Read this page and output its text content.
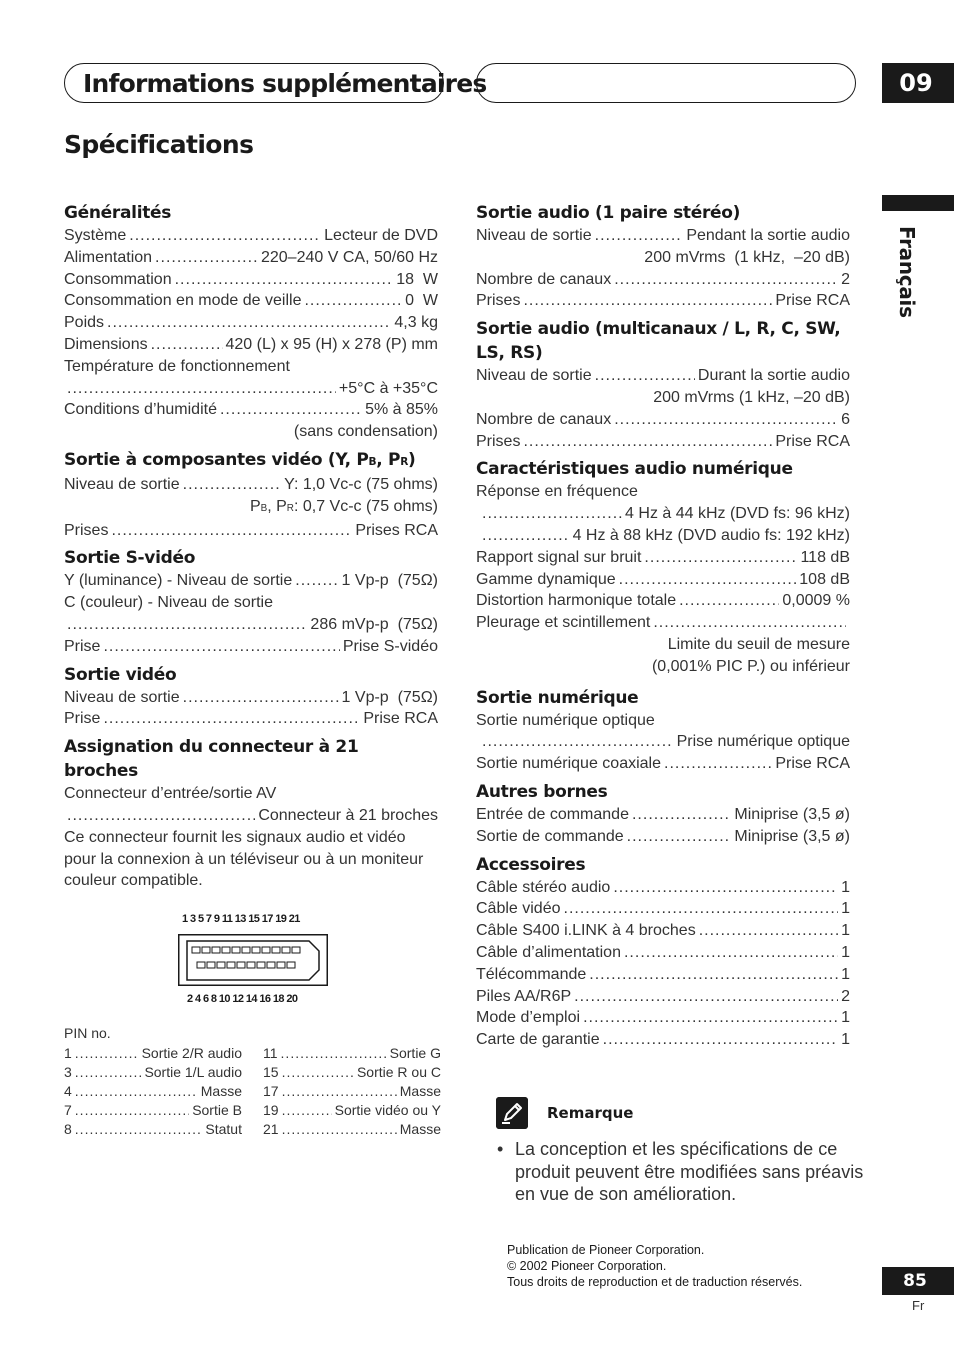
Informations supplémentaires	09
Spécifications
Français
Généralités
Système .....	Lecteur de DVD
Alimentation .....	220–240 V CA, 50/60 Hz
Consommation .....	18  W
Consommation en mode de veille .....	0  W
Poids .....	4,3 kg
Dimensions .....	420 (L) x 95 (H) x 278 (P) mm
Température de fonctionnement
.....
+5°C à +35°C
Conditions d’humidité .....	5% à 85%
(sans condensation)
Sortie à composantes vidéo (Y, PB, PR)
Niveau de sortie .....	Y: 1,0 Vc-c (75 ohms)
PB, PR: 0,7 Vc-c (75 ohms)
Prises .....	Prises RCA
Sortie S-vidéo
Y (luminance) - Niveau de sortie .....	1 Vp-p  (75Ω)
C (couleur) - Niveau de sortie
.....
286 mVp-p  (75Ω)
Prise .....	Prise S-vidéo
Sortie vidéo
Niveau de sortie .....	1 Vp-p  (75Ω)
Prise .....	Prise RCA
Assignation du connecteur à 21 broches
Connecteur d’entrée/sortie AV
.....
Connecteur à 21 broches
Ce connecteur fournit les signaux audio et vidéo pour la connexion à un téléviseur ou à un moniteur couleur compatible.
1 3 5 7 9 11 13 15 17 19 21
2 4 6 8 10 12 14 16 18 20
PIN no.
1 .....	Sortie 2/R audio
3 .....	Sortie 1/L audio
4 .....	Masse
7 .....	Sortie B
8 .....	Statut
11 .....	Sortie G
15 .....	Sortie R ou C
17 .....	Masse
19 .....	Sortie vidéo ou Y
21 .....	Masse
Sortie audio (1 paire stéréo)
Niveau de sortie .....	Pendant la sortie audio
200 mVrms  (1 kHz,  –20 dB)
Nombre de canaux .....	2
Prises .....	Prise RCA
Sortie audio (multicanaux / L, R, C, SW, LS, RS)
Niveau de sortie .....	Durant la sortie audio
200 mVrms (1 kHz, –20 dB)
Nombre de canaux .....	6
Prises .....	Prise RCA
Caractéristiques audio numérique
Réponse en fréquence
.....
4 Hz à 44 kHz (DVD fs: 96 kHz)
.....
4 Hz à 88 kHz (DVD audio fs: 192 kHz)
Rapport signal sur bruit .....	118 dB
Gamme dynamique .....	108 dB
Distortion harmonique totale .....	0,0009 %
Pleurage et scintillement
.....
Limite du seuil de mesure
(0,001% PIC P.) ou inférieur
Sortie numérique
Sortie numérique optique
.....
Prise numérique optique
Sortie numérique coaxiale .....	Prise RCA
Autres bornes
Entrée de commande .....	Miniprise (3,5 ø)
Sortie de commande .....	Miniprise (3,5 ø)
Accessoires
Câble stéréo audio .....	1
Câble vidéo .....	1
Câble S400 i.LINK à 4 broches .....	1
Câble d’alimentation .....	1
Télécommande .....	1
Piles AA/R6P .....	2
Mode d’emploi .....	1
Carte de garantie .....	1
Remarque
• La conception et les spécifications de ce produit peuvent être modifiées sans préavis en vue de son amélioration.
Publication de Pioneer Corporation.
© 2002 Pioneer Corporation.
Tous droits de reproduction et de traduction réservés.	85
Fr
